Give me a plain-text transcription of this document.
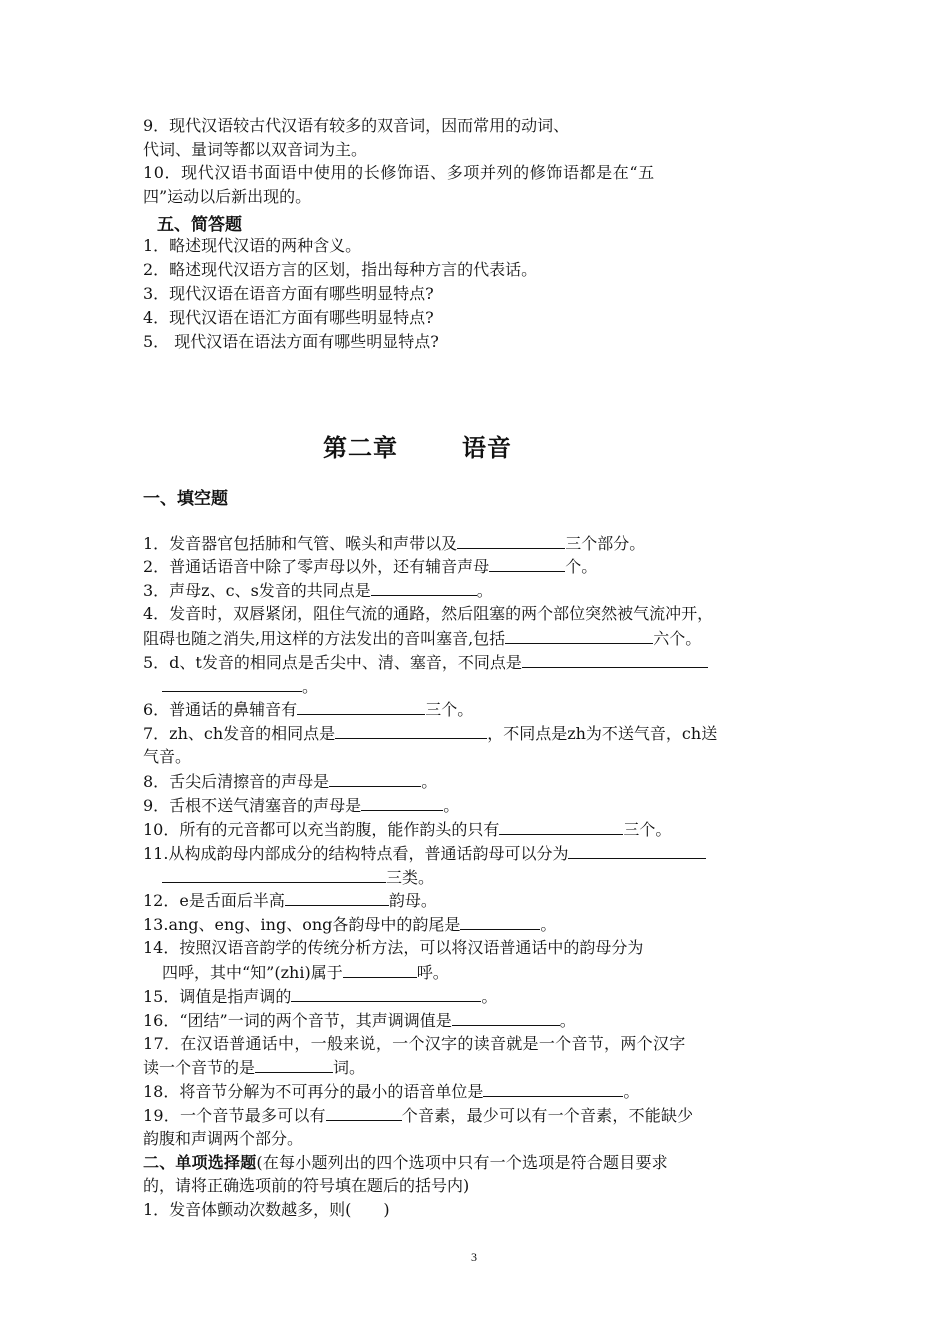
9．现代汉语较古代汉语有较多的双音词，因而常用的动词、
代词、量词等都以双音词为主。
10．现代汉语书面语中使用的长修饰语、多项并列的修饰语都是在“五
四”运动以后新出现的。
五、简答题
1．略述现代汉语的两种含义。
2．略述现代汉语方言的区划，指出每种方言的代表话。
3．现代汉语在语音方面有哪些明显特点?
4．现代汉语在语汇方面有哪些明显特点?
5． 现代汉语在语法方面有哪些明显特点?
第二章	语音
一、填空题
1．发音器官包括肺和气管、喉头和声带以及	三个部分。
2．普通话语音中除了零声母以外，还有辅音声母	个。
3．声母z、c、s发音的共同点是	。
4．发音时，双唇紧闭，阻住气流的通路，然后阻塞的两个部位突然被气流冲开，
阻碍也随之消失,用这样的方法发出的音叫塞音,包括	六个。
5．d、t发音的相同点是舌尖中、清、塞音，不同点是
。
6．普通话的鼻辅音有	三个。
7．zh、ch发音的相同点是	，不同点是zh为不送气音，ch送
气音。
8．舌尖后清擦音的声母是	。
9．舌根不送气清塞音的声母是	。
10．所有的元音都可以充当韵腹，能作韵头的只有	三个。
11.从构成韵母内部成分的结构特点看，普通话韵母可以分为
三类。
12．e是舌面后半高	韵母。
13.ang、eng、ing、ong各韵母中的韵尾是	。
14．按照汉语音韵学的传统分析方法，可以将汉语普通话中的韵母分为
四呼，其中“知”(zhi)属于	呼。
15．调值是指声调的	。
16．“团结”一词的两个音节，其声调调值是	。
17．在汉语普通话中，一般来说，一个汉字的读音就是一个音节，两个汉字
读一个音节的是	词。
18．将音节分解为不可再分的最小的语音单位是	。
19．一个音节最多可以有	个音素，最少可以有一个音素，不能缺少
韵腹和声调两个部分。
二、单项选择题(在每小题列出的四个选项中只有一个选项是符合题目要求
的，请将正确选项前的符号填在题后的括号内)
1．发音体颤动次数越多，则(　　)
3
